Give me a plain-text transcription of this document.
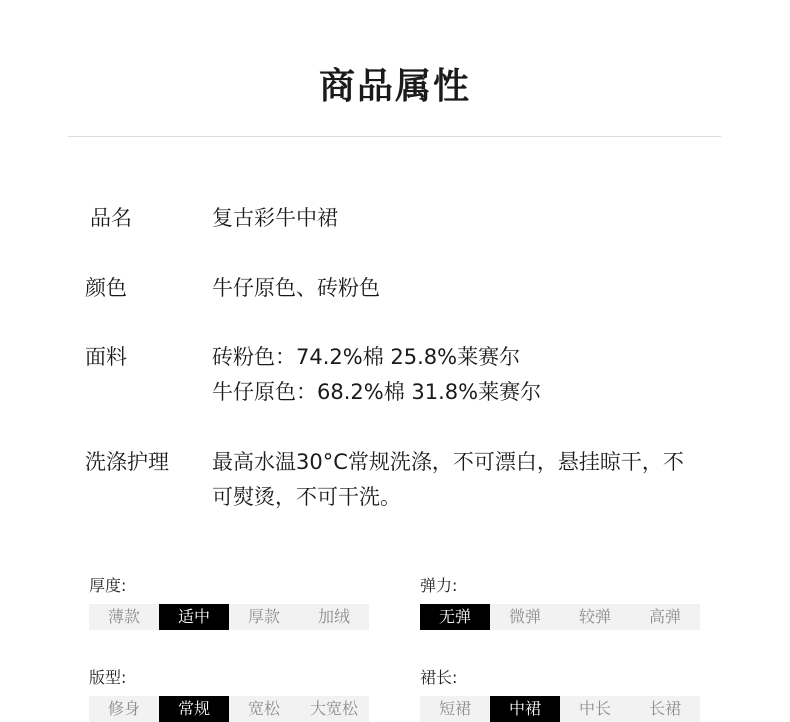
商品属性
品名	复古彩牛中裙
颜色	牛仔原色、砖粉色
面料	砖粉色：74.2%棉 25.8%莱赛尔
牛仔原色：68.2%棉 31.8%莱赛尔
洗涤护理 最高水温30°C常规洗涤，不可漂白，悬挂晾干，不
可熨烫，不可干洗。
厚度:
薄款	适中	厚款	加绒
弹力:
无弹	微弹	较弹	高弹
版型:
修身	常规	宽松	大宽松
裙长:
短裙	中裙	中长	长裙
